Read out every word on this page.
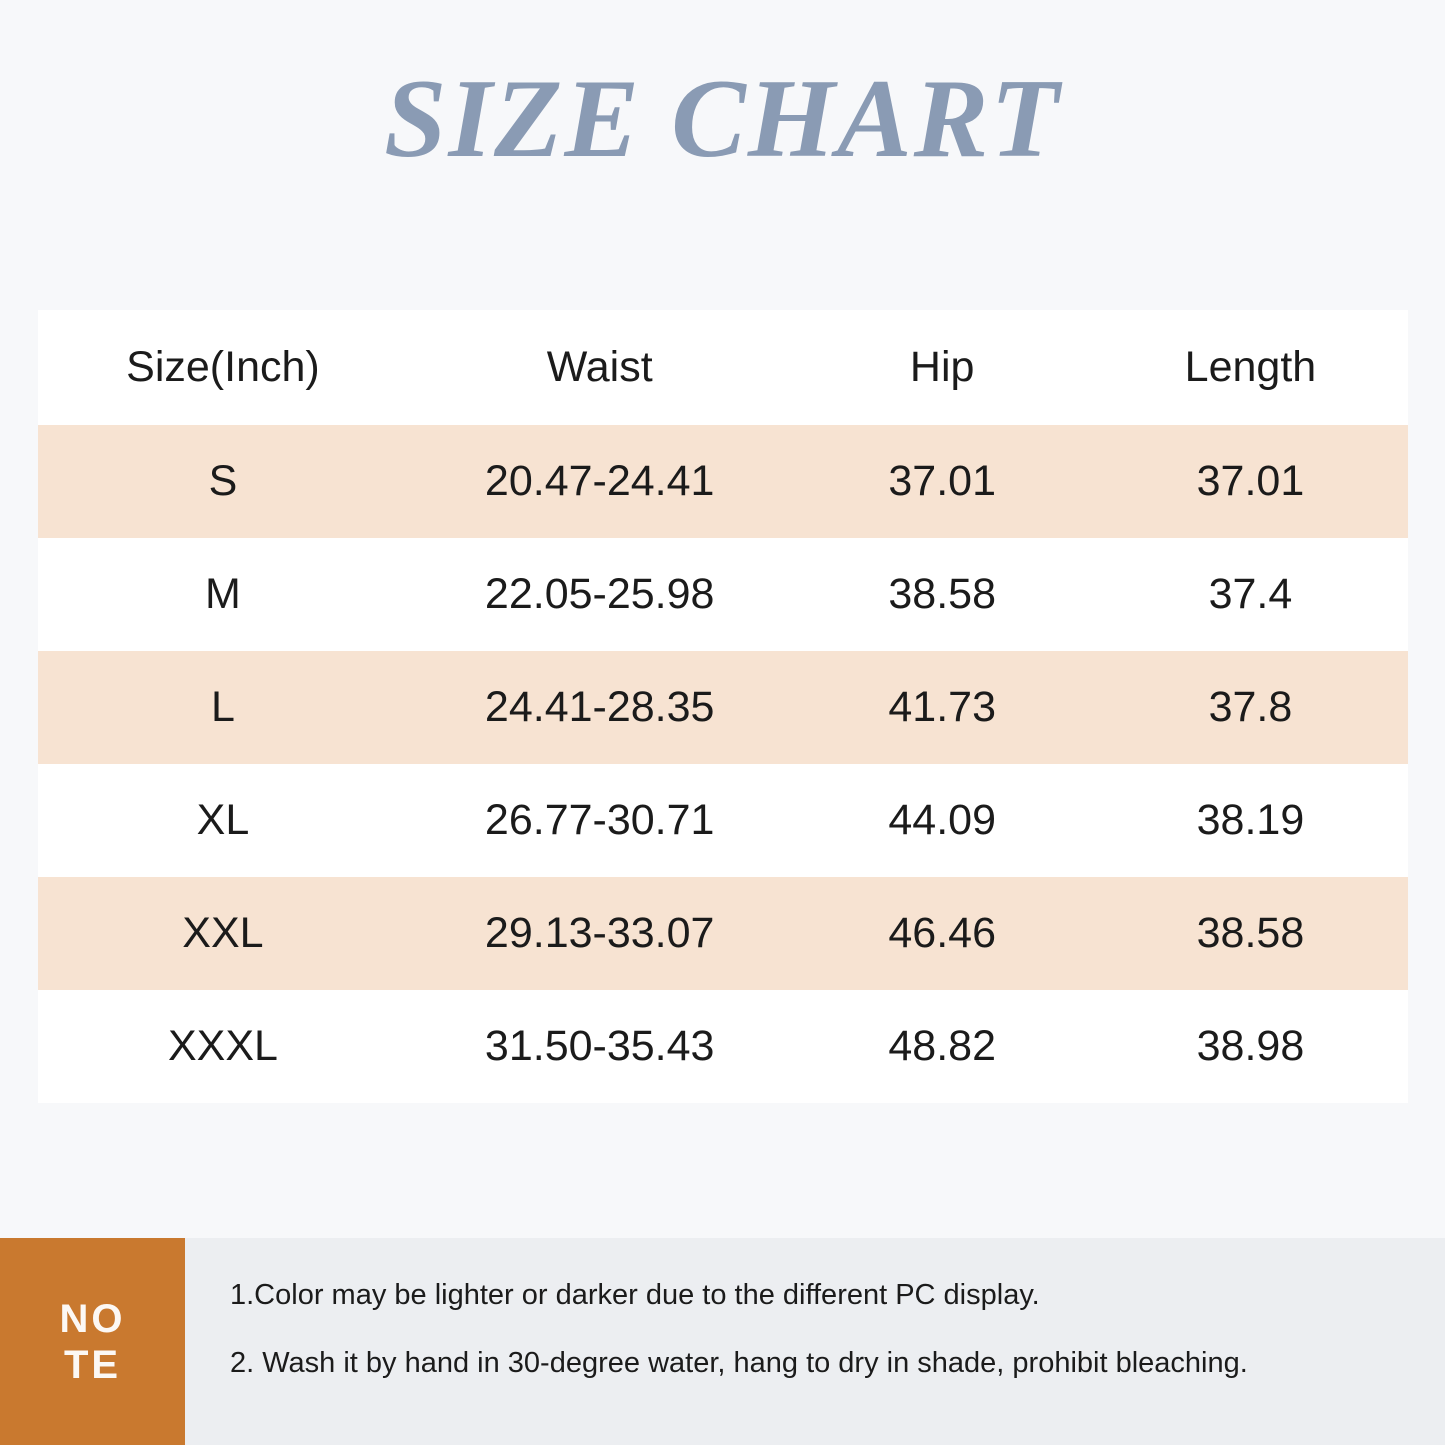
SIZE CHART
Size(Inch)	Waist	Hip	Length
S	20.47-24.41	37.01	37.01
M	22.05-25.98	38.58	37.4
L	24.41-28.35	41.73	37.8
XL	26.77-30.71	44.09	38.19
XXL	29.13-33.07	46.46	38.58
XXXL	31.50-35.43	48.82	38.98
NO
TE
1.Color may be lighter or darker due to the different PC display.
2. Wash it by hand in 30-degree water, hang to dry in shade, prohibit bleaching.
